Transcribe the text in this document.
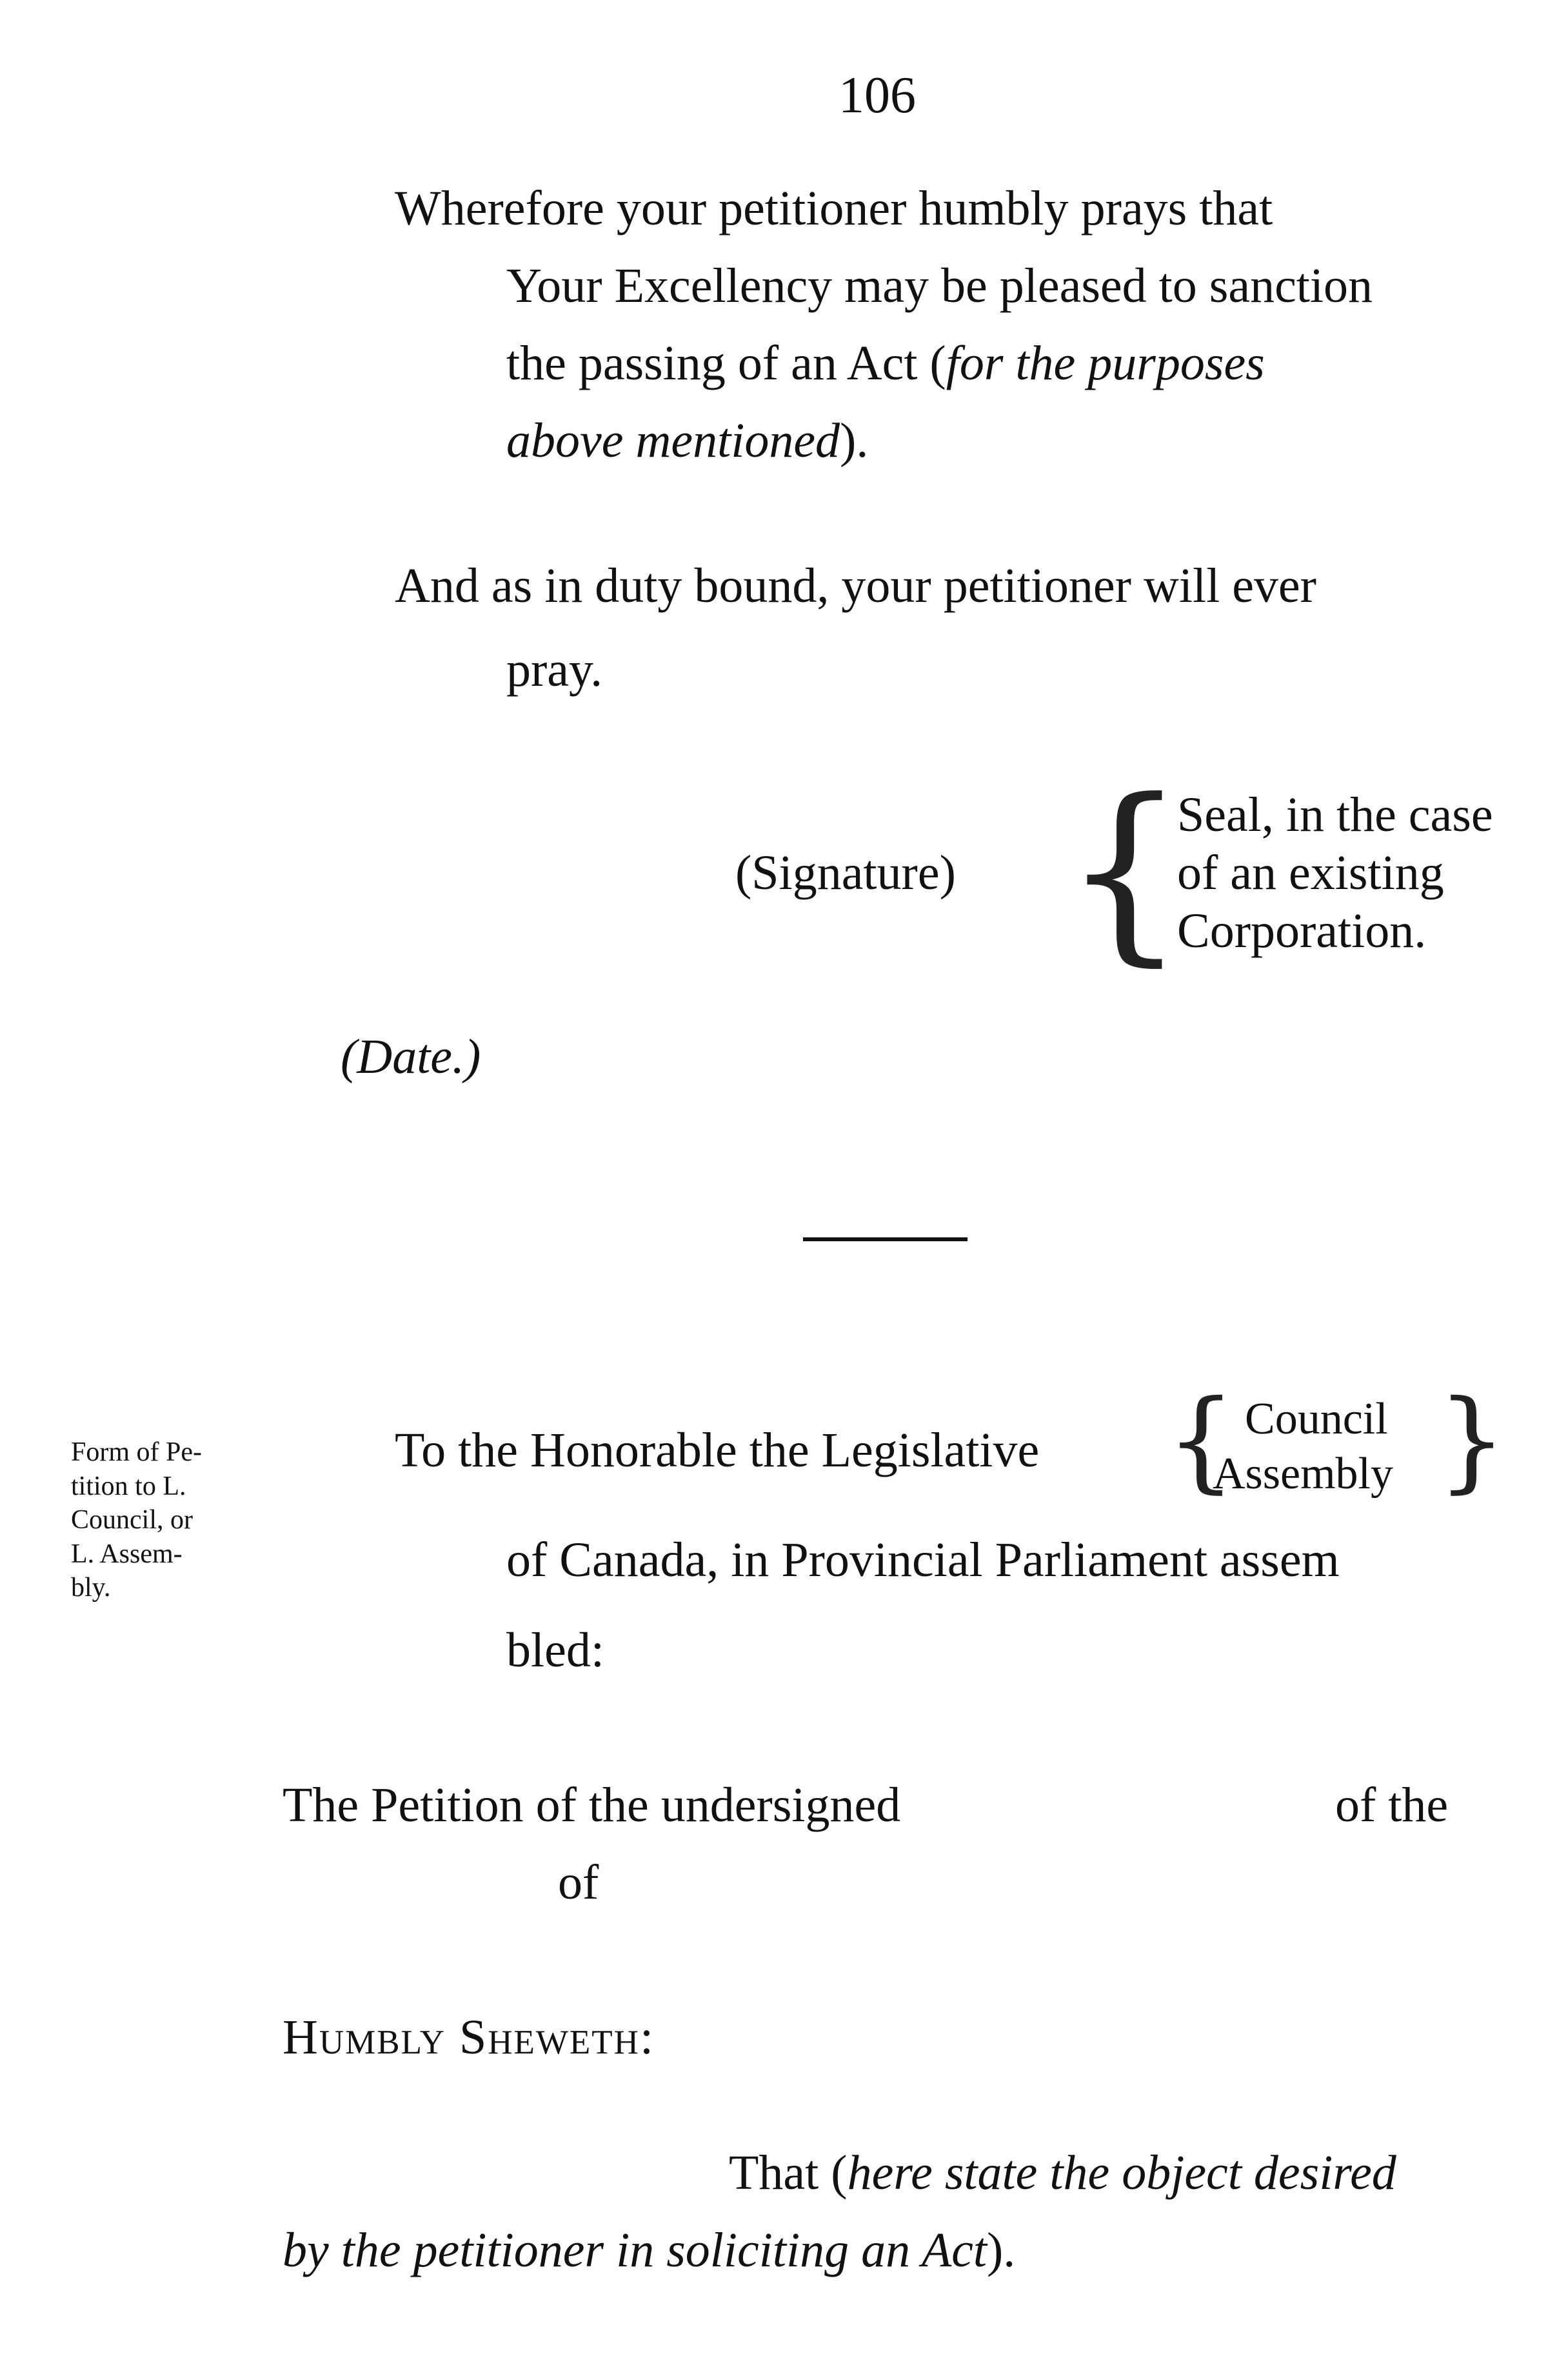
106
Wherefore your petitioner humbly prays that
Your Excellency may be pleased to sanction
the passing of an Act (for the purposes
above mentioned).
And as in duty bound, your petitioner will ever
pray.
(Signature) {
Seal, in the case
of an existing
Corporation.
(Date.)
Form of Pe-
tition to L.
Council, or
L. Assem-
bly.
To the Honorable the Legislative { Council
Assembly }
of Canada, in Provincial Parliament assem
bled:
The Petition of the undersigned	of the
of
Humbly Sheweth:
That (here state the object desired
by the petitioner in soliciting an Act).
